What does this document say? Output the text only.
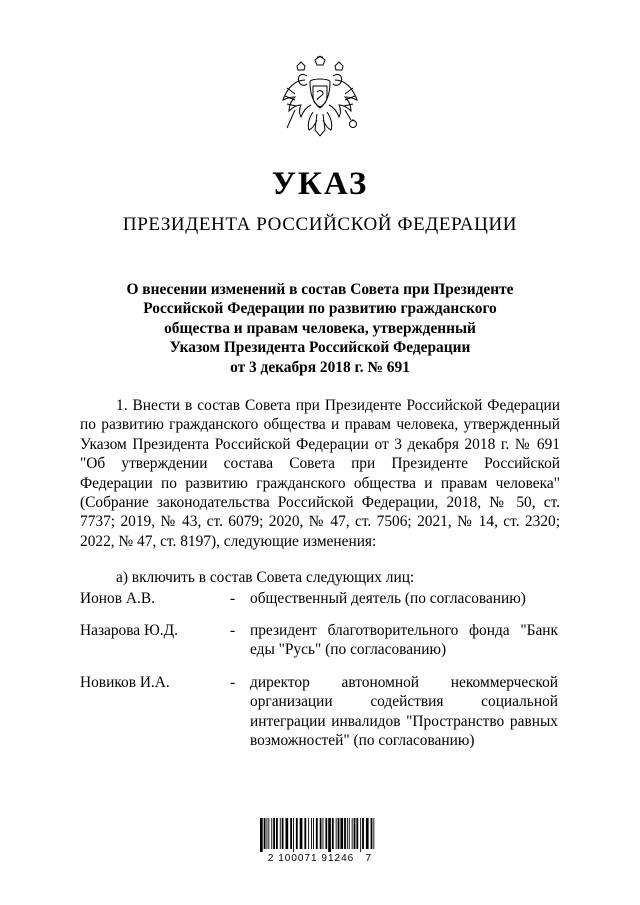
УКАЗ
ПРЕЗИДЕНТА РОССИЙСКОЙ ФЕДЕРАЦИИ
О внесении изменений в состав Совета при Президенте
Российской Федерации по развитию гражданского
общества и правам человека, утвержденный
Указом Президента Российской Федерации
от 3 декабря 2018 г. № 691

1. Внести в состав Совета при Президенте Российской Федерации по развитию гражданского общества и правам человека, утвержденный Указом Президента Российской Федерации от 3 декабря 2018 г. № 691 "Об утверждении состава Совета при Президенте Российской Федерации по развитию гражданского общества и правам человека" (Собрание законодательства Российской Федерации, 2018, № 50, ст. 7737; 2019, № 43, ст. 6079; 2020, № 47, ст. 7506; 2021, № 14, ст. 2320; 2022, № 47, ст. 8197), следующие изменения:

а) включить в состав Совета следующих лиц:
Ионов А.В.	- общественный деятель (по согласованию)
Назарова Ю.Д.	- президент благотворительного фонда "Банк еды "Русь" (по согласованию)
Новиков И.А.	- директор автономной некоммерческой организации содействия социальной интеграции инвалидов "Пространство равных возможностей" (по согласованию)
2 100071 91246   7
